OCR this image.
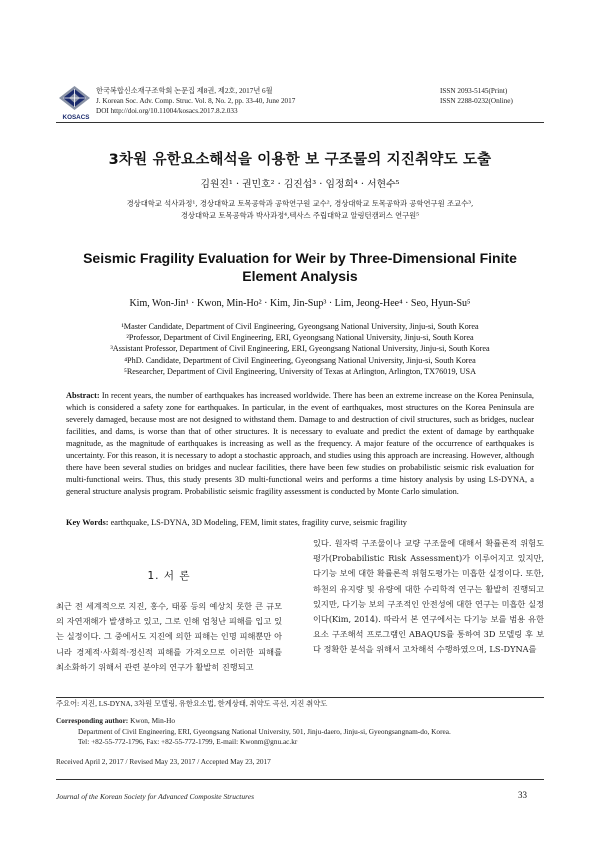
KOSACS
한국복합신소재구조학회 논문집 제8권, 제2호, 2017년 6월
J. Korean Soc. Adv. Comp. Struc. Vol. 8, No. 2, pp. 33-40, June 2017
DOI http://doi.org/10.11004/kosacs.2017.8.2.033
ISSN 2093-5145(Print)
ISSN 2288-0232(Online)
3차원 유한요소해석을 이용한 보 구조물의 지진취약도 도출
김원진¹ · 권민호² · 김진섭³ · 임정희⁴ · 서현수⁵
경상대학교 석사과정¹, 경상대학교 토목공학과 공학연구원 교수², 경상대학교 토목공학과 공학연구원 조교수³,
경상대학교 토목공학과 박사과정⁴,텍사스 주립대학교 알링턴캠퍼스 연구원⁵
Seismic Fragility Evaluation for Weir by Three-Dimensional Finite
Element Analysis
Kim, Won-Jin¹ · Kwon, Min-Ho² · Kim, Jin-Sup³ · Lim, Jeong-Hee⁴ · Seo, Hyun-Su⁵
¹Master Candidate, Department of Civil Engineering, Gyeongsang National University, Jinju-si, South Korea
²Professor, Department of Civil Engineering, ERI, Gyeongsang National University, Jinju-si, South Korea
³Assistant Professor, Department of Civil Engineering, ERI, Gyeongsang National University, Jinju-si, South Korea
⁴PhD. Candidate, Department of Civil Engineering, Gyeongsang National University, Jinju-si, South Korea
⁵Researcher, Department of Civil Engineering, University of Texas at Arlington, Arlington, TX76019, USA
Abstract: In recent years, the number of earthquakes has increased worldwide. There has been an extreme increase on the Korea Peninsula, which is considered a safety zone for earthquakes. In particular, in the event of earthquakes, most structures on the Korea Peninsula are severely damaged, because most are not designed to withstand them. Damage to and destruction of civil structures, such as bridges, nuclear facilities, and dams, is worse than that of other structures. It is necessary to evaluate and predict the extent of damage by earthquake magnitude, as the magnitude of earthquakes is increasing as well as the frequency. A major feature of the occurrence of earthquakes is uncertainty. For this reason, it is necessary to adopt a stochastic approach, and studies using this approach are increasing. However, although there have been several studies on bridges and nuclear facilities, there have been few studies on probabilistic seismic risk evaluation for multi-functional weirs. Thus, this study presents 3D multi-functional weirs and performs a time history analysis by using LS-DYNA, a general structure analysis program. Probabilistic seismic fragility assessment is conducted by Monte Carlo simulation.
Key Words: earthquake, LS-DYNA, 3D Modeling, FEM, limit states, fragility curve, seismic fragility
1. 서 론
최근 전 세계적으로 지진, 홍수, 태풍 등의 예상치 못한 큰 규모의 자연재해가 발생하고 있고, 그로 인해 엄청난 피해를 입고 있는 실정이다. 그 중에서도 지진에 의한 피해는 인명 피해뿐만 아니라 경제적·사회적·정신적 피해를 가져오므로 이러한 피해를 최소화하기 위해서 관련 분야의 연구가 활발히 진행되고
있다. 원자력 구조물이나 교량 구조물에 대해서 확률론적 위험도평가(Probabilistic Risk Assessment)가 이루어지고 있지만, 다기능 보에 대한 확률론적 위험도평가는 미흡한 실정이다. 또한, 하천의 유지량 및 유량에 대한 수리학적 연구는 활발히 진행되고 있지만, 다기능 보의 구조적인 안전성에 대한 연구는 미흡한 실정이다(Kim, 2014). 따라서 본 연구에서는 다기능 보를 범용 유한요소 구조해석 프로그램인 ABAQUS를 통하여 3D 모델링 후 보다 정확한 분석을 위해서 고차해석 수행하였으며, LS-DYNA를
주요어: 지진, LS-DYNA, 3차원 모델링, 유한요소법, 한계상태, 취약도 곡선, 지진 취약도
Corresponding author: Kwon, Min-Ho
Department of Civil Engineering, ERI, Gyeongsang National University, 501, Jinju-daero, Jinju-si, Gyeongsangnam-do, Korea.
Tel: +82-55-772-1796, Fax: +82-55-772-1799, E-mail: Kwonm@gnu.ac.kr
Received April 2, 2017 / Revised May 23, 2017 / Accepted May 23, 2017
Journal of the Korean Society for Advanced Composite Structures	33
